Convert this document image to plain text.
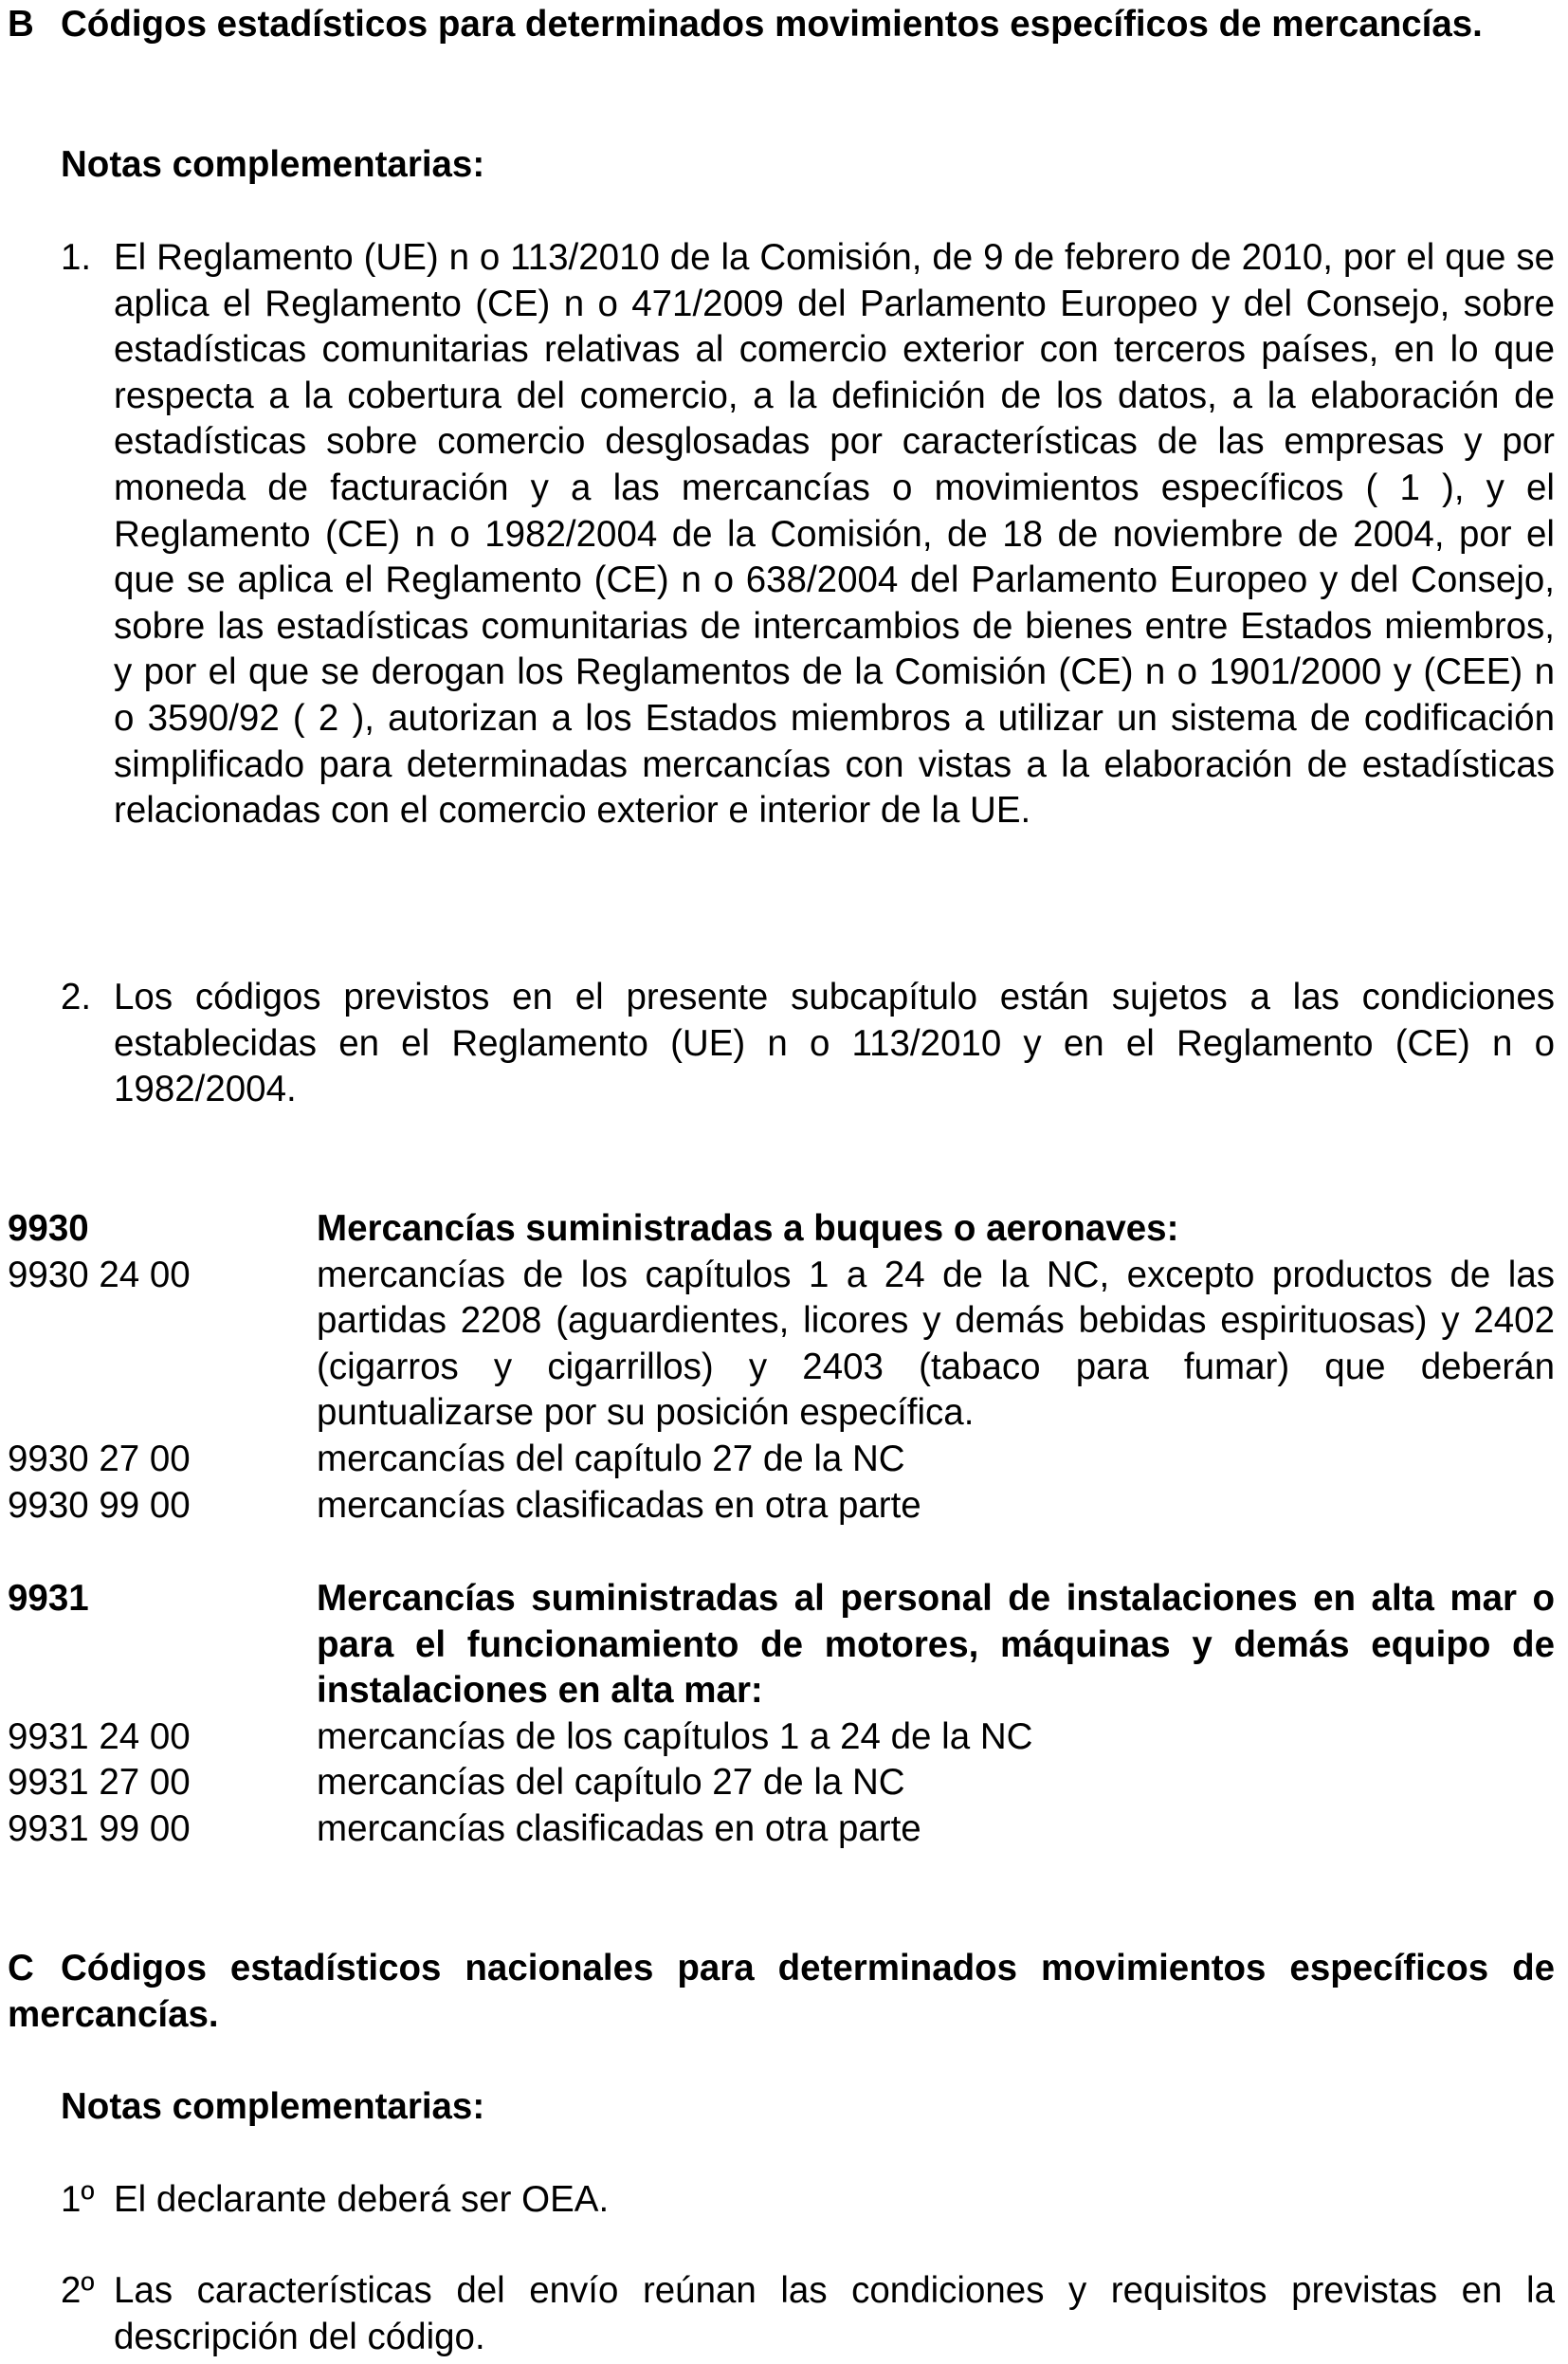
B Códigos estadísticos para determinados movimientos específicos de mercancías.
Notas complementarias:
1. El Reglamento (UE) n o 113/2010 de la Comisión, de 9 de febrero de 2010, por el que se aplica el Reglamento (CE) n o 471/2009 del Parlamento Europeo y del Consejo, sobre estadísticas comunitarias relativas al comercio exterior con terceros países, en lo que respecta a la cobertura del comercio, a la definición de los datos, a la elaboración de estadísticas sobre comercio desglosadas por características de las empresas y por moneda de facturación y a las mercancías o movimientos específicos ( 1 ), y el Reglamento (CE) n o 1982/2004 de la Comisión, de 18 de noviembre de 2004, por el que se aplica el Reglamento (CE) n o 638/2004 del Parlamento Europeo y del Consejo, sobre las estadísticas comunitarias de intercambios de bienes entre Estados miembros, y por el que se derogan los Reglamentos de la Comisión (CE) n o 1901/2000 y (CEE) n o 3590/92 ( 2 ), autorizan a los Estados miembros a utilizar un sistema de codificación simplificado para determinadas mercancías con vistas a la elaboración de estadísticas relacionadas con el comercio exterior e interior de la UE.
2. Los códigos previstos en el presente subcapítulo están sujetos a las condiciones establecidas en el Reglamento (UE) n o 113/2010 y en el Reglamento (CE) n o 1982/2004.
9930	Mercancías suministradas a buques o aeronaves:
9930 24 00	mercancías de los capítulos 1 a 24 de la NC, excepto productos de las partidas 2208 (aguardientes, licores y demás bebidas espirituosas) y 2402 (cigarros y cigarrillos) y 2403 (tabaco para fumar) que deberán puntualizarse por su posición específica.
9930 27 00	mercancías del capítulo 27 de la NC
9930 99 00	mercancías clasificadas en otra parte
9931	Mercancías suministradas al personal de instalaciones en alta mar o para el funcionamiento de motores, máquinas y demás equipo de instalaciones en alta mar:
9931 24 00	mercancías de los capítulos 1 a 24 de la NC
9931 27 00	mercancías del capítulo 27 de la NC
9931 99 00	mercancías clasificadas en otra parte
C Códigos estadísticos nacionales para determinados movimientos específicos de mercancías.
Notas complementarias:
1º El declarante deberá ser OEA.
2º Las características del envío reúnan las condiciones y requisitos previstas en la descripción del código.
